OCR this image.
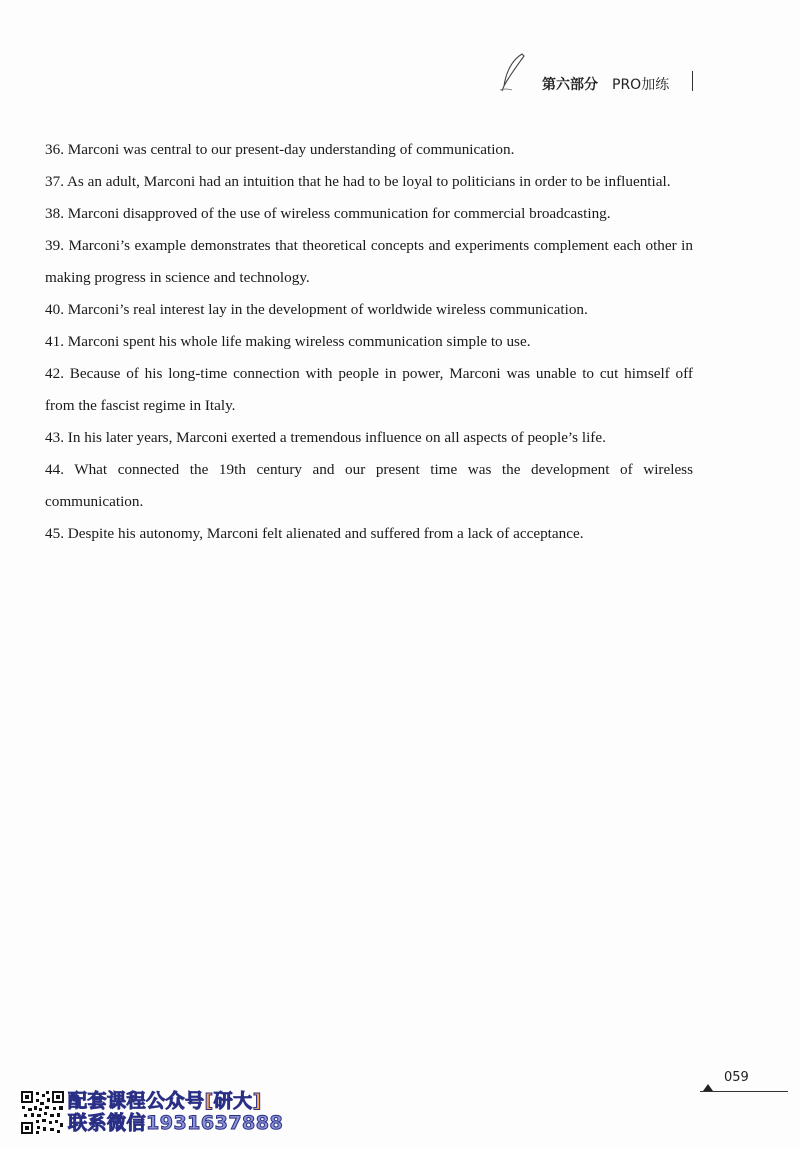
第六部分 PRO加练

36. Marconi was central to our present-day understanding of communication.

37. As an adult, Marconi had an intuition that he had to be loyal to politicians in order to be influential.

38. Marconi disapproved of the use of wireless communication for commercial broadcasting.

39. Marconi’s example demonstrates that theoretical concepts and experiments complement each other in making progress in science and technology.

40. Marconi’s real interest lay in the development of worldwide wireless communication.

41. Marconi spent his whole life making wireless communication simple to use.

42. Because of his long-time connection with people in power, Marconi was unable to cut himself off from the fascist regime in Italy.

43. In his later years, Marconi exerted a tremendous influence on all aspects of people’s life.

44. What connected the 19th century and our present time was the development of wireless communication.

45. Despite his autonomy, Marconi felt alienated and suffered from a lack of acceptance.

059
配套课程公众号[研大]
联系微信1931637888
